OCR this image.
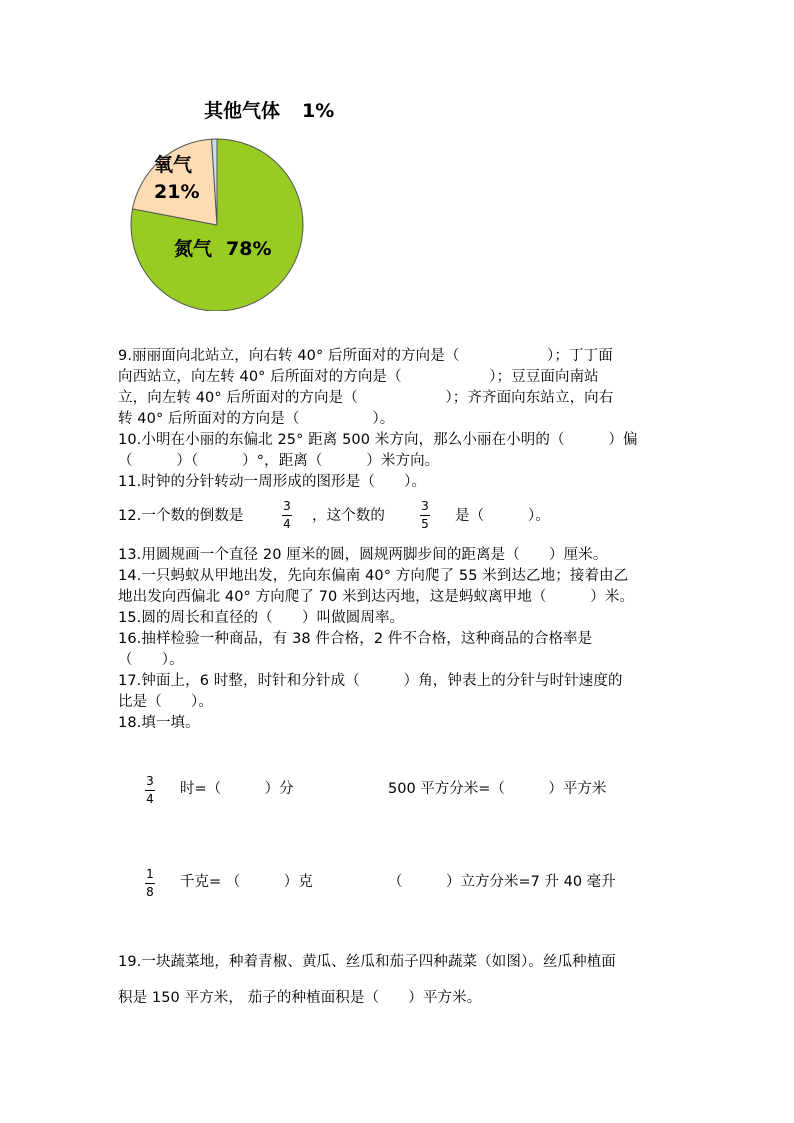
其他气体 1%
氧气
21%
氮气 78%
9.丽丽面向北站立，向右转 40° 后所面对的方向是（　　　　　　）；丁丁面
向西站立，向左转 40° 后所面对的方向是（　　　　　　）；豆豆面向南站
立，向左转 40° 后所面对的方向是（　　　　　　）；齐齐面向东站立，向右
转 40° 后所面对的方向是（　　　　　）。
10.小明在小丽的东偏北 25° 距离 500 米方向，那么小丽在小明的（　　　）偏
（　　　）（　　　）°，距离（　　　）米方向。
11.时钟的分针转动一周形成的图形是（　　）。
12.一个数的倒数是
3
4 ，这个数的
3
5 是（　　　）。
13.用圆规画一个直径 20 厘米的圆，圆规两脚步间的距离是（　　）厘米。
14.一只蚂蚁从甲地出发，先向东偏南 40° 方向爬了 55 米到达乙地；接着由乙
地出发向西偏北 40° 方向爬了 70 米到达丙地，这是蚂蚁离甲地（　　　）米。
15.圆的周长和直径的（　　）叫做圆周率。
16.抽样检验一种商品，有 38 件合格，2 件不合格，这种商品的合格率是
（　　）。
17.钟面上，6 时整，时针和分针成（　　　）角，钟表上的分针与时针速度的
比是（　　）。
18.填一填。
3
4
时=（　　　）分	500 平方分米=（　　　）平方米
1
8
千克= （　　　）克	（　　　）立方分米=7 升 40 毫升
19.一块蔬菜地，种着青椒、黄瓜、丝瓜和茄子四种蔬菜（如图）。丝瓜种植面
积是 150 平方米， 茄子的种植面积是（　　）平方米。
